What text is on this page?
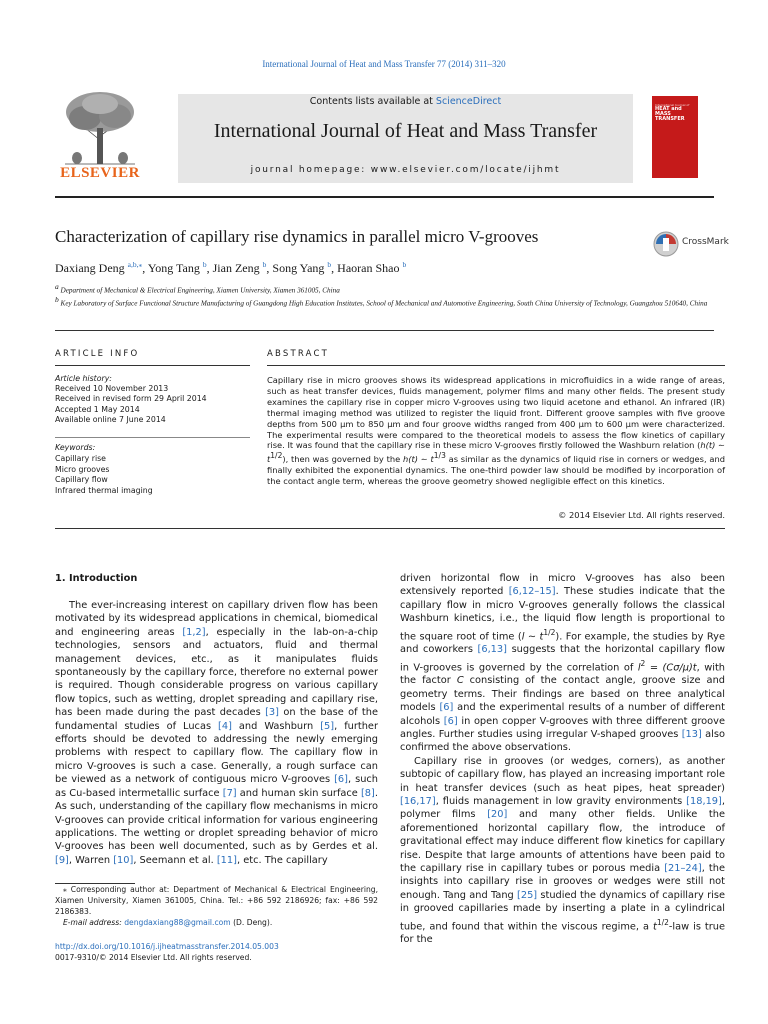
International Journal of Heat and Mass Transfer 77 (2014) 311–320
ELSEVIER
Contents lists available at ScienceDirect
International Journal of Heat and Mass Transfer
journal homepage: www.elsevier.com/locate/ijhmt
International Journal of
HEAT and MASS TRANSFER
Characterization of capillary rise dynamics in parallel micro V-grooves	CrossMark
Daxiang Deng $^{a,b,⁎}$, Yong Tang $^b$, Jian Zeng $^b$, Song Yang $^b$, Haoran Shao $^b$
$^a$ Department of Mechanical & Electrical Engineering, Xiamen University, Xiamen 361005, China
$^b$ Key Laboratory of Surface Functional Structure Manufacturing of Guangdong High Education Institutes, School of Mechanical and Automotive Engineering, South China University of Technology, Guangzhou 510640, China
ARTICLE INFO
Article history:
Received 10 November 2013
Received in revised form 29 April 2014
Accepted 1 May 2014
Available online 7 June 2014
Keywords:
Capillary rise
Micro grooves
Capillary flow
Infrared thermal imaging
ABSTRACT
Capillary rise in micro grooves shows its widespread applications in microfluidics in a wide range of areas, such as heat transfer devices, fluids management, polymer films and many other fields. The present study examines the capillary rise in copper micro V-grooves using two liquid acetone and ethanol. An infrared (IR) thermal imaging method was utilized to register the liquid front. Different groove samples with five groove depths from 500 μm to 850 μm and four groove widths ranged from 400 μm to 600 μm were characterized. The experimental results were compared to the theoretical models to assess the flow kinetics of capillary rise. It was found that the capillary rise in these micro V-grooves firstly followed the Washburn relation (h(t) ∼ $t^{1/2}$), then was governed by the h(t) ∼ $t^{1/3}$ as similar as the dynamics of liquid rise in corners or wedges, and finally exhibited the exponential dynamics. The one-third powder law should be modified by incorporation of the contact angle term, whereas the groove geometry showed negligible effect on this kinetics.
© 2014 Elsevier Ltd. All rights reserved.
1. Introduction

The ever-increasing interest on capillary driven flow has been motivated by its widespread applications in chemical, biomedical and engineering areas [1,2], especially in the lab-on-a-chip technologies, sensors and actuators, fluid and thermal management devices, etc., as it manipulates fluids spontaneously by the capillary force, therefore no external power is required. Though considerable progress on various capillary flow topics, such as wetting, droplet spreading and capillary rise, has been made during the past decades [3] on the base of the fundamental studies of Lucas [4] and Washburn [5], further efforts should be devoted to addressing the newly emerging problems with respect to capillary flow. The capillary flow in micro V-grooves is such a case. Generally, a rough surface can be viewed as a network of contiguous micro V-grooves [6], such as Cu-based intermetallic surface [7] and human skin surface [8]. As such, understanding of the capillary flow mechanisms in micro V-grooves can provide critical information for various engineering applications. The wetting or droplet spreading behavior of micro V-grooves has been well documented, such as by Gerdes et al. [9], Warren [10], Seemann et al. [11], etc. The capillary

driven horizontal flow in micro V-grooves has also been extensively reported [6,12–15]. These studies indicate that the capillary flow in micro V-grooves generally follows the classical Washburn kinetics, i.e., the liquid flow length is proportional to the square root of time (l ∼ $t^{1/2}$). For example, the studies by Rye and coworkers [6,13] suggests that the horizontal capillary flow in V-grooves is governed by the correlation of $l^2 = (C\sigma/\mu)t$, with the factor C consisting of the contact angle, groove size and geometry terms. Their findings are based on three analytical models [6] and the experimental results of a number of different alcohols [6] in open copper V-grooves with three different groove angles. Further studies using irregular V-shaped grooves [13] also confirmed the above observations.

Capillary rise in grooves (or wedges, corners), as another subtopic of capillary flow, has played an increasing important role in heat transfer devices (such as heat pipes, heat spreader) [16,17], fluids management in low gravity environments [18,19], polymer films [20] and many other fields. Unlike the aforementioned horizontal capillary flow, the introduce of gravitational effect may induce different flow kinetics for capillary rise. Despite that large amounts of attentions have been paid to the capillary rise in capillary tubes or porous media [21–24], the insights into capillary rise in grooves or wedges were still not enough. Tang and Tang [25] studied the dynamics of capillary rise in grooved capillaries made by inserting a plate in a cylindrical tube, and found that within the viscous regime, a $t^{1/2}$-law is true for the

⁎ Corresponding author at: Department of Mechanical & Electrical Engineering, Xiamen University, Xiamen 361005, China. Tel.: +86 592 2186926; fax: +86 592 2186383.

E-mail address: dengdaxiang88@gmail.com (D. Deng).

http://dx.doi.org/10.1016/j.ijheatmasstransfer.2014.05.003
0017-9310/© 2014 Elsevier Ltd. All rights reserved.
